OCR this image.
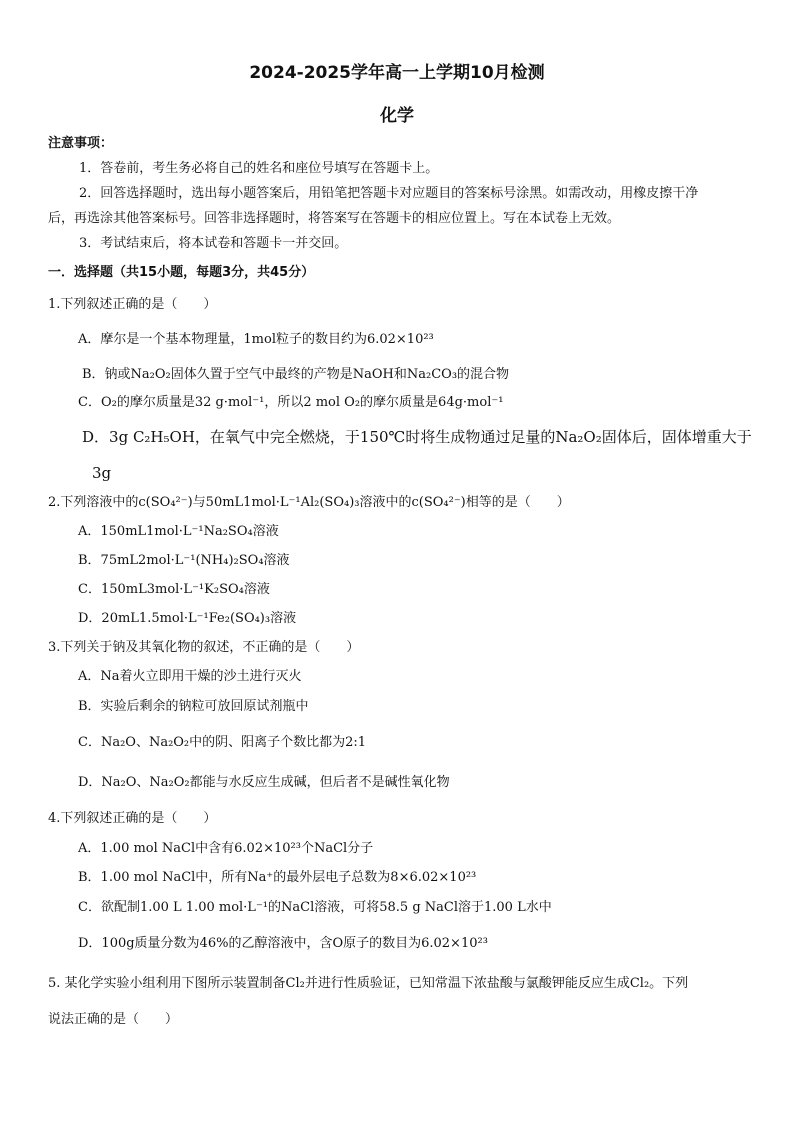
2024-2025学年高一上学期10月检测
化学
注意事项：
1．答卷前，考生务必将自己的姓名和座位号填写在答题卡上。
2．回答选择题时，选出每小题答案后，用铅笔把答题卡对应题目的答案标号涂黑。如需改动，用橡皮擦干净
后，再选涂其他答案标号。回答非选择题时，将答案写在答题卡的相应位置上。写在本试卷上无效。
3．考试结束后，将本试卷和答题卡一并交回。
一．选择题（共15小题，每题3分，共45分）
1.下列叙述正确的是（　　）
A．摩尔是一个基本物理量，1mol粒子的数目约为6.02×10²³
B．钠或Na₂O₂固体久置于空气中最终的产物是NaOH和Na₂CO₃的混合物
C．O₂的摩尔质量是32 g·mol⁻¹，所以2 mol O₂的摩尔质量是64g·mol⁻¹
D．3g C₂H₅OH，在氧气中完全燃烧，于150℃时将生成物通过足量的Na₂O₂固体后，固体增重大于
3g
2.下列溶液中的c(SO₄²⁻)与50mL1mol·L⁻¹Al₂(SO₄)₃溶液中的c(SO₄²⁻)相等的是（　　）
A．150mL1mol·L⁻¹Na₂SO₄溶液
B．75mL2mol·L⁻¹(NH₄)₂SO₄溶液
C．150mL3mol·L⁻¹K₂SO₄溶液
D．20mL1.5mol·L⁻¹Fe₂(SO₄)₃溶液
3.下列关于钠及其氧化物的叙述，不正确的是（　　）
A．Na着火立即用干燥的沙土进行灭火
B．实验后剩余的钠粒可放回原试剂瓶中
C．Na₂O、Na₂O₂中的阴、阳离子个数比都为2:1
D．Na₂O、Na₂O₂都能与水反应生成碱，但后者不是碱性氧化物
4.下列叙述正确的是（　　）
A．1.00 mol NaCl中含有6.02×10²³个NaCl分子
B．1.00 mol NaCl中，所有Na⁺的最外层电子总数为8×6.02×10²³
C．欲配制1.00 L 1.00 mol·L⁻¹的NaCl溶液，可将58.5 g NaCl溶于1.00 L水中
D．100g质量分数为46%的乙醇溶液中，含O原子的数目为6.02×10²³
5. 某化学实验小组利用下图所示装置制备Cl₂并进行性质验证，已知常温下浓盐酸与氯酸钾能反应生成Cl₂。下列
说法正确的是（　　）
